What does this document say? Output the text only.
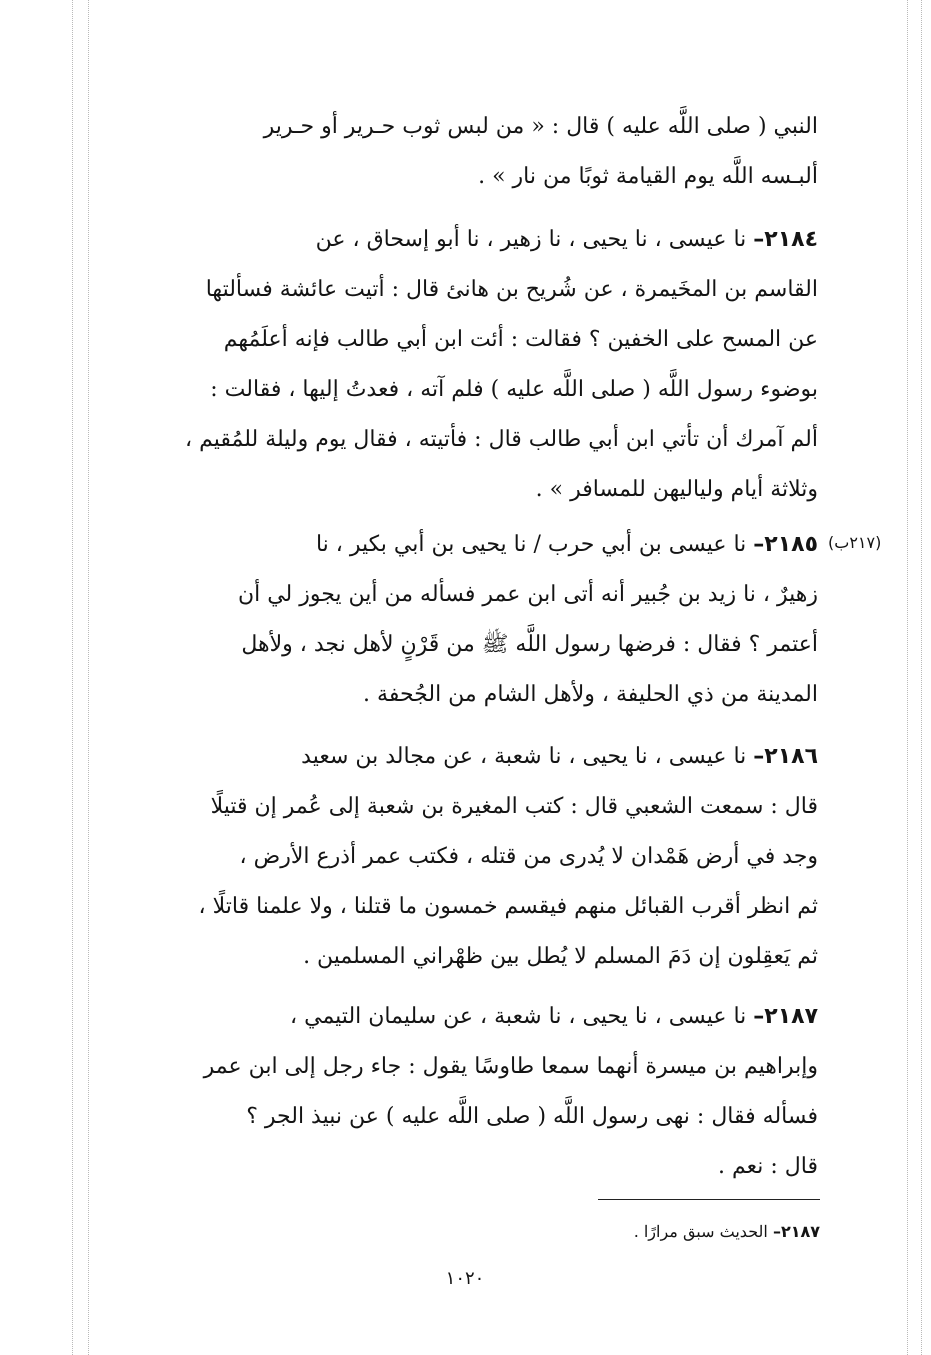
النبي ( صلى اللَّه عليه ) قال : « من لبس ثوب حـرير أو حـرير
ألبـسه اللَّه يوم القيامة ثوبًا من نار » .
٢١٨٤– نا عيسى ، نا يحيى ، نا زهير ، نا أبو إسحاق ، عن
القاسم بن المخَيمرة ، عن شُريح بن هانئ قال : أتيت عائشة فسألتها
عن المسح على الخفين ؟ فقالت : أئت ابن أبي طالب فإنه أعلَمُهم
بوضوء رسول اللَّه ( صلى اللَّه عليه ) فلم آته ، فعدتُ إليها ، فقالت :
ألم آمرك أن تأتي ابن أبي طالب قال : فأتيته ، فقال يوم وليلة للمُقيم ،
وثلاثة أيام ولياليهن للمسافر » .
(٢١٧ب)
٢١٨٥– نا عيسى بن أبي حرب / نا يحيى بن أبي بكير ، نا
زهيرٌ ، نا زيد بن جُبير أنه أتى ابن عمر فسأله من أين يجوز لي أن
أعتمر ؟ فقال : فرضها رسول اللَّه ﷺ من قَرْنٍ لأهل نجد ، ولأهل
المدينة من ذي الحليفة ، ولأهل الشام من الجُحفة .
٢١٨٦– نا عيسى ، نا يحيى ، نا شعبة ، عن مجالد بن سعيد
قال : سمعت الشعبي قال : كتب المغيرة بن شعبة إلى عُمر إن قتيلًا
وجد في أرض هَمْدان لا يُدرى من قتله ، فكتب عمر أذرع الأرض ،
ثم انظر أقرب القبائل منهم فيقسم خمسون ما قتلنا ، ولا علمنا قاتلًا ،
ثم يَعقِلون إن دَمَ المسلم لا يُطل بين ظهْراني المسلمين .
٢١٨٧– نا عيسى ، نا يحيى ، نا شعبة ، عن سليمان التيمي ،
وإبراهيم بن ميسرة أنهما سمعا طاوسًا يقول : جاء رجل إلى ابن عمر
فسأله فقال : نهى رسول اللَّه ( صلى اللَّه عليه ) عن نبيذ الجر ؟
قال : نعم .
٢١٨٧– الحديث سبق مرارًا .
١٠٢٠
